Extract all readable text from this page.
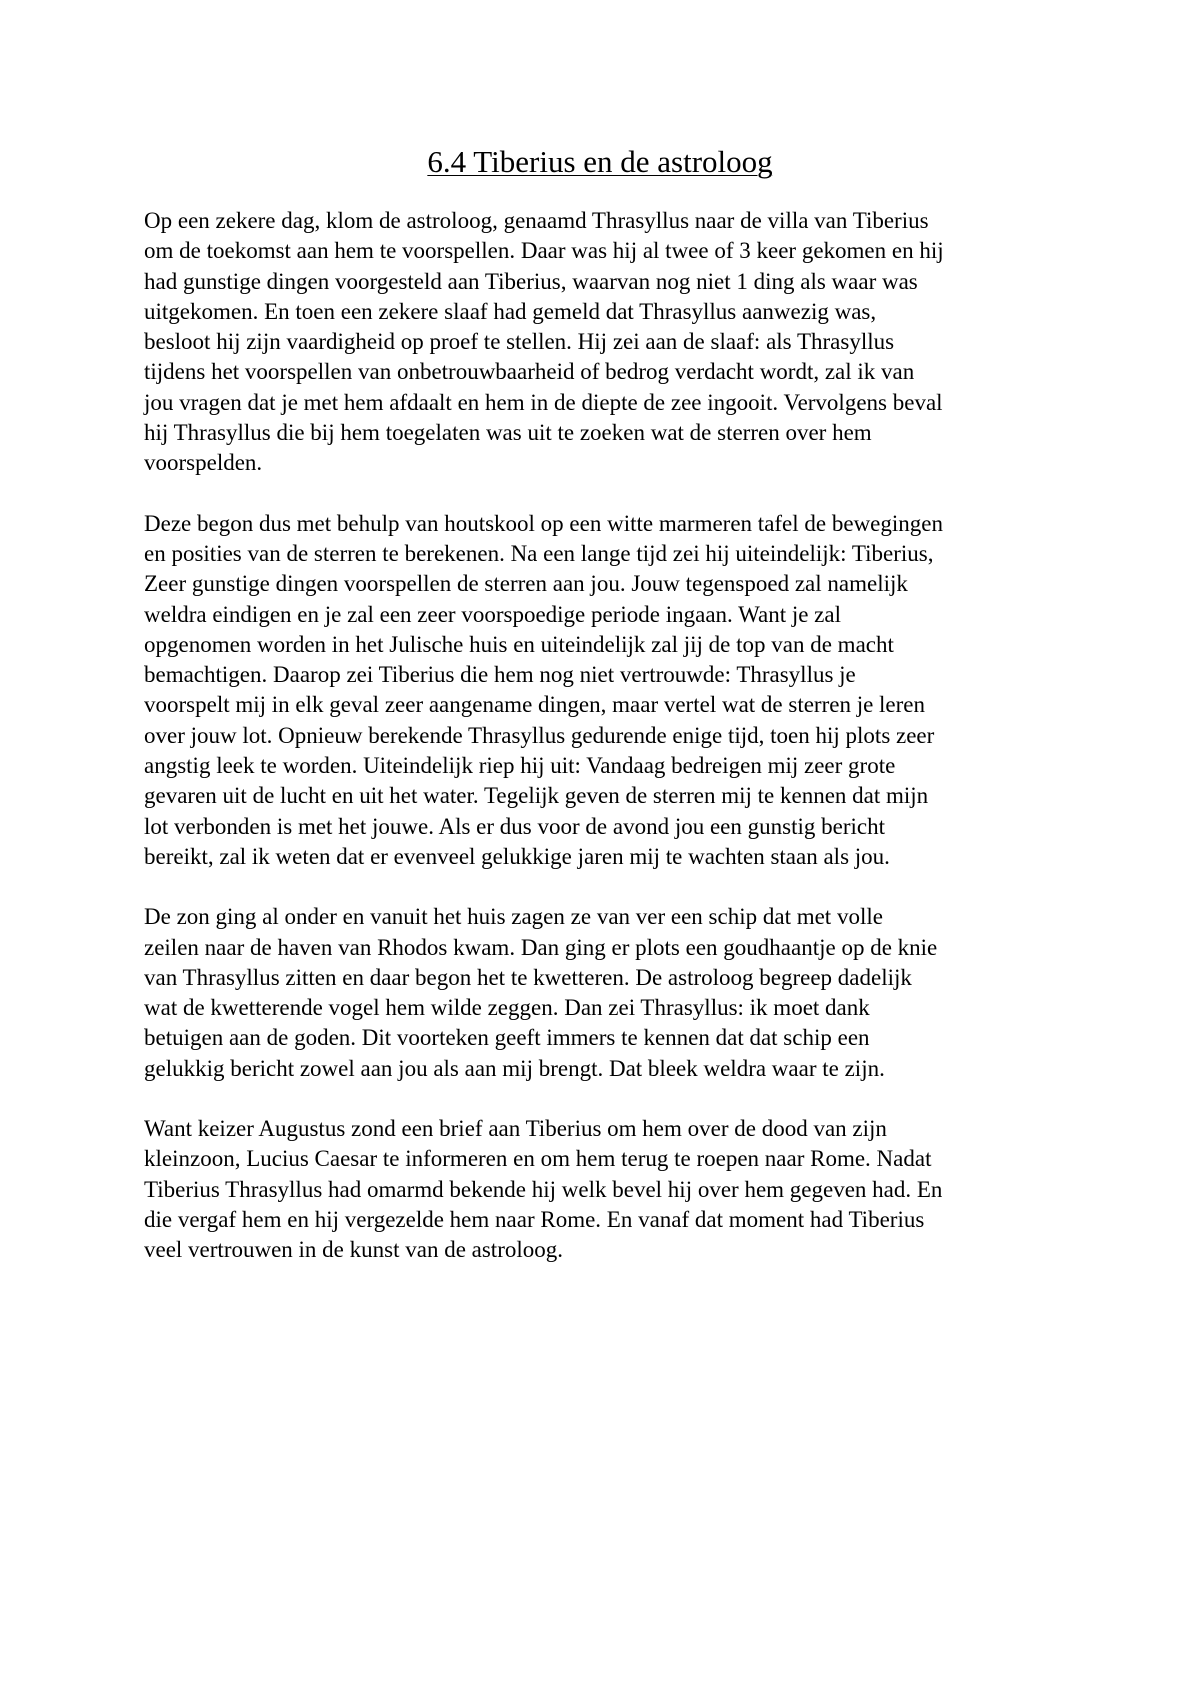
6.4 Tiberius en de astroloog

Op een zekere dag, klom de astroloog, genaamd Thrasyllus naar de villa van Tiberius
om de toekomst aan hem te voorspellen. Daar was hij al twee of 3 keer gekomen en hij
had gunstige dingen voorgesteld aan Tiberius, waarvan nog niet 1 ding als waar was
uitgekomen. En toen een zekere slaaf had gemeld dat Thrasyllus aanwezig was,
besloot hij zijn vaardigheid op proef te stellen. Hij zei aan de slaaf: als Thrasyllus
tijdens het voorspellen van onbetrouwbaarheid of bedrog verdacht wordt, zal ik van
jou vragen dat je met hem afdaalt en hem in de diepte de zee ingooit. Vervolgens beval
hij Thrasyllus die bij hem toegelaten was uit te zoeken wat de sterren over hem
voorspelden.

Deze begon dus met behulp van houtskool op een witte marmeren tafel de bewegingen
en posities van de sterren te berekenen. Na een lange tijd zei hij uiteindelijk: Tiberius,
Zeer gunstige dingen voorspellen de sterren aan jou. Jouw tegenspoed zal namelijk
weldra eindigen en je zal een zeer voorspoedige periode ingaan. Want je zal
opgenomen worden in het Julische huis en uiteindelijk zal jij de top van de macht
bemachtigen. Daarop zei Tiberius die hem nog niet vertrouwde: Thrasyllus je
voorspelt mij in elk geval zeer aangename dingen, maar vertel wat de sterren je leren
over jouw lot. Opnieuw berekende Thrasyllus gedurende enige tijd, toen hij plots zeer
angstig leek te worden. Uiteindelijk riep hij uit: Vandaag bedreigen mij zeer grote
gevaren uit de lucht en uit het water. Tegelijk geven de sterren mij te kennen dat mijn
lot verbonden is met het jouwe. Als er dus voor de avond jou een gunstig bericht
bereikt, zal ik weten dat er evenveel gelukkige jaren mij te wachten staan als jou.

De zon ging al onder en vanuit het huis zagen ze van ver een schip dat met volle
zeilen naar de haven van Rhodos kwam. Dan ging er plots een goudhaantje op de knie
van Thrasyllus zitten en daar begon het te kwetteren. De astroloog begreep dadelijk
wat de kwetterende vogel hem wilde zeggen. Dan zei Thrasyllus: ik moet dank
betuigen aan de goden. Dit voorteken geeft immers te kennen dat dat schip een
gelukkig bericht zowel aan jou als aan mij brengt. Dat bleek weldra waar te zijn.

Want keizer Augustus zond een brief aan Tiberius om hem over de dood van zijn
kleinzoon, Lucius Caesar te informeren en om hem terug te roepen naar Rome. Nadat
Tiberius Thrasyllus had omarmd bekende hij welk bevel hij over hem gegeven had. En
die vergaf hem en hij vergezelde hem naar Rome. En vanaf dat moment had Tiberius
veel vertrouwen in de kunst van de astroloog.
